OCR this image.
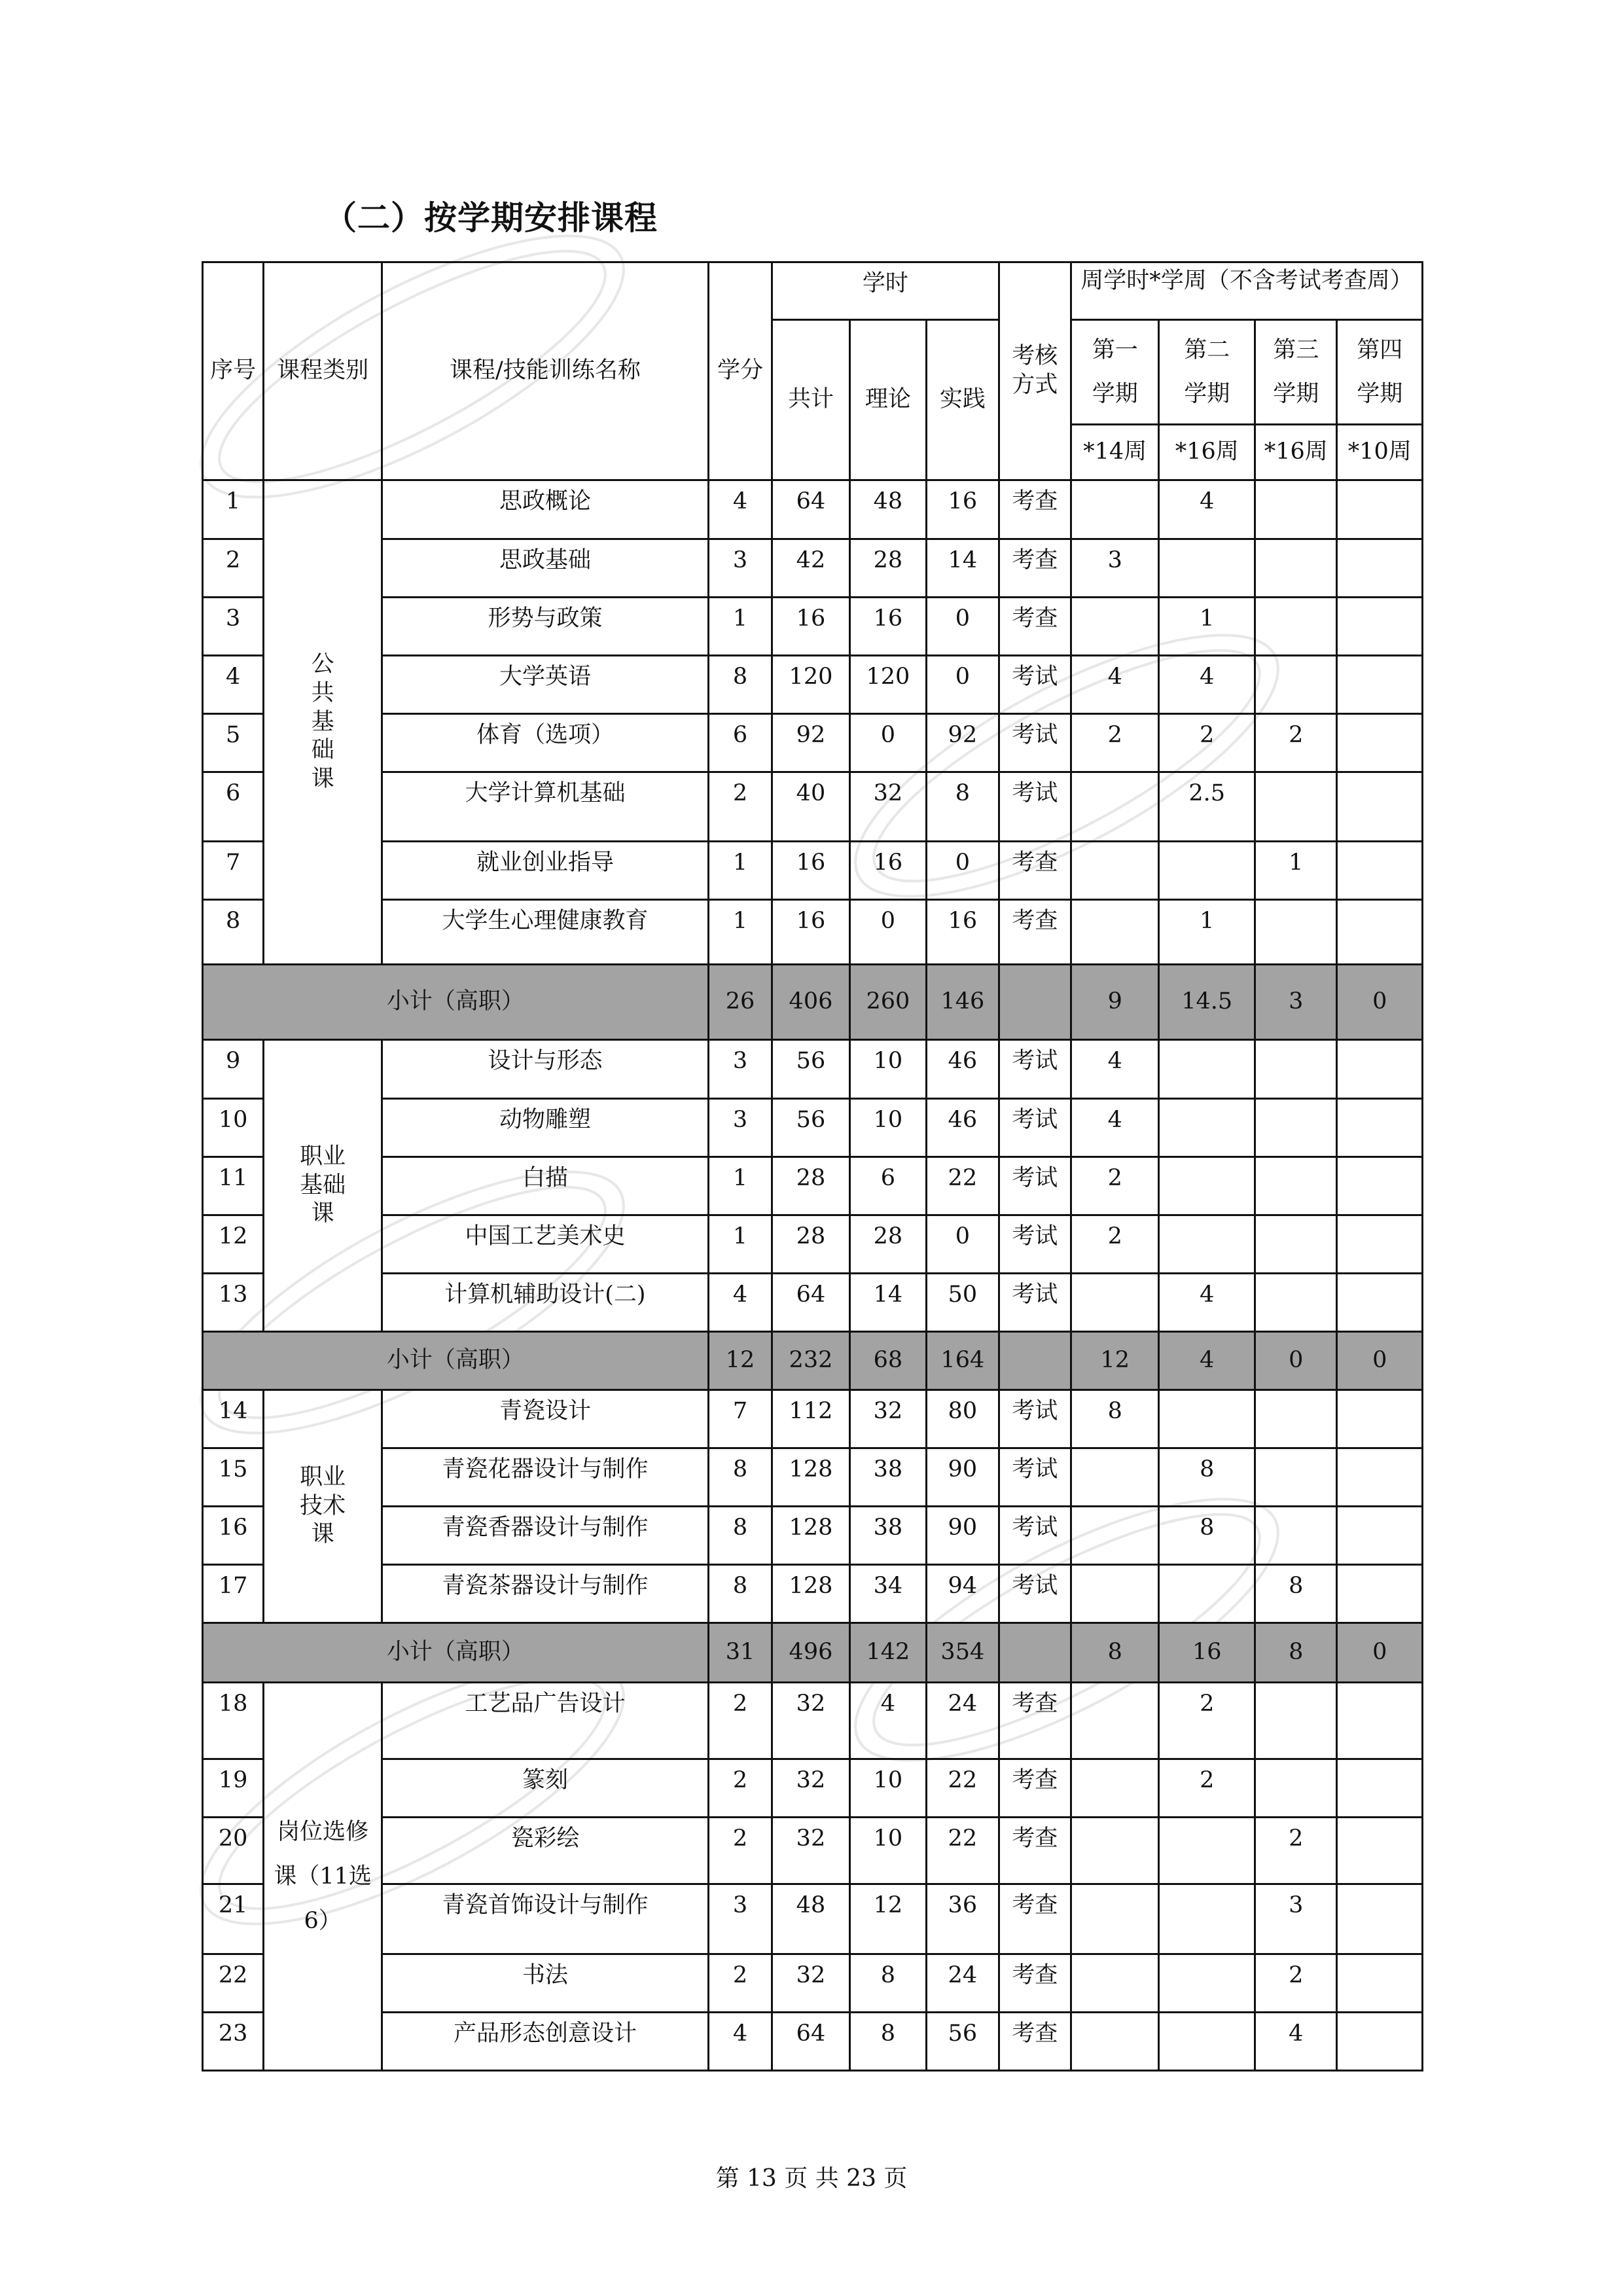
（二）按学期安排课程
序号	课程类别	课程/技能训练名称	学分	学时			考核方式	周学时*学周（不含考试考查周）			
				共计	理论	实践		第一学期	第二学期	第三学期	第四学期
								*14周	*16周	*16周	*10周
1	公共基础课	思政概论	4	64	48	16	考查		4		
2		思政基础	3	42	28	14	考查	3			
3		形势与政策	1	16	16	0	考查		1		
4		大学英语	8	120	120	0	考试	4	4		
5		体育（选项）	6	92	0	92	考试	2	2	2	
6		大学计算机基础	2	40	32	8	考试		2.5		
7		就业创业指导	1	16	16	0	考查			1	
8		大学生心理健康教育	1	16	0	16	考查		1		
小计（高职）			26	406	260	146		9	14.5	3	0
9	职业基础课	设计与形态	3	56	10	46	考试	4			
10		动物雕塑	3	56	10	46	考试	4			
11		白描	1	28	6	22	考试	2			
12		中国工艺美术史	1	28	28	0	考试	2			
13		计算机辅助设计(二)	4	64	14	50	考试		4		
小计（高职）			12	232	68	164		12	4	0	0
14	职业技术课	青瓷设计	7	112	32	80	考试	8			
15		青瓷花器设计与制作	8	128	38	90	考试		8		
16		青瓷香器设计与制作	8	128	38	90	考试		8		
17		青瓷茶器设计与制作	8	128	34	94	考试			8	
小计（高职）			31	496	142	354		8	16	8	0
18	岗位选修课（11选6）	工艺品广告设计	2	32	4	24	考查		2		
19		篆刻	2	32	10	22	考查		2		
20		瓷彩绘	2	32	10	22	考查			2	
21		青瓷首饰设计与制作	3	48	12	36	考查			3	
22		书法	2	32	8	24	考查			2	
23		产品形态创意设计	4	64	8	56	考查			4	
第 13 页 共 23 页
